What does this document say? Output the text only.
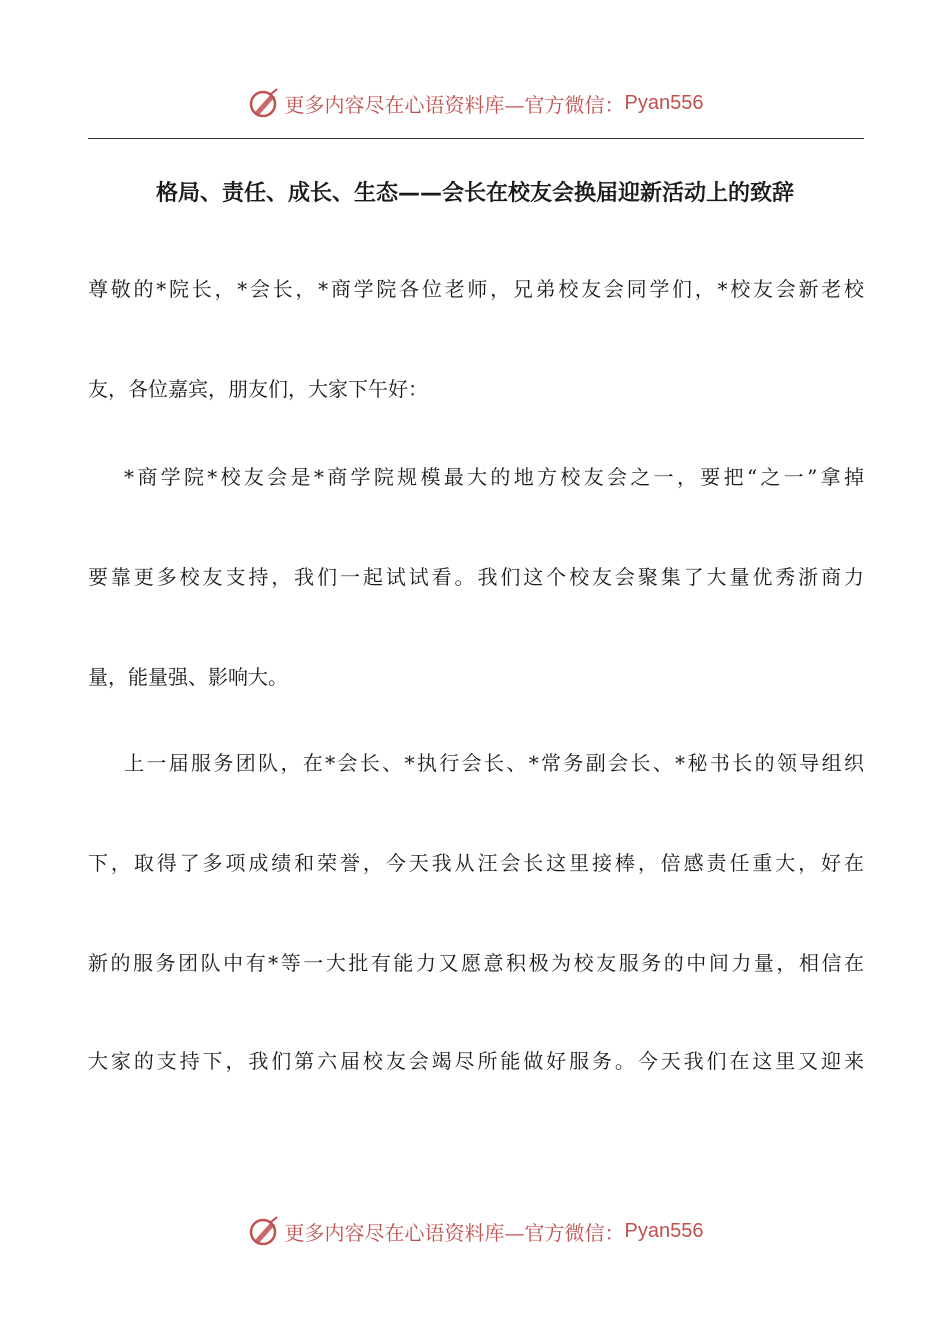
更多内容尽在心语资料库—官方微信： Pyan556
格局、责任、成长、生态——会长在校友会换届迎新活动上的致辞
尊敬的*院长，*会长，*商学院各位老师，兄弟校友会同学们，*校友会新老校
友，各位嘉宾，朋友们，大家下午好：
*商学院*校友会是*商学院规模最大的地方校友会之一，要把“之一”拿掉
要靠更多校友支持，我们一起试试看。我们这个校友会聚集了大量优秀浙商力
量，能量强、影响大。
上一届服务团队，在*会长、*执行会长、*常务副会长、*秘书长的领导组织
下，取得了多项成绩和荣誉，今天我从汪会长这里接棒，倍感责任重大，好在
新的服务团队中有*等一大批有能力又愿意积极为校友服务的中间力量，相信在
大家的支持下，我们第六届校友会竭尽所能做好服务。今天我们在这里又迎来
更多内容尽在心语资料库—官方微信： Pyan556
